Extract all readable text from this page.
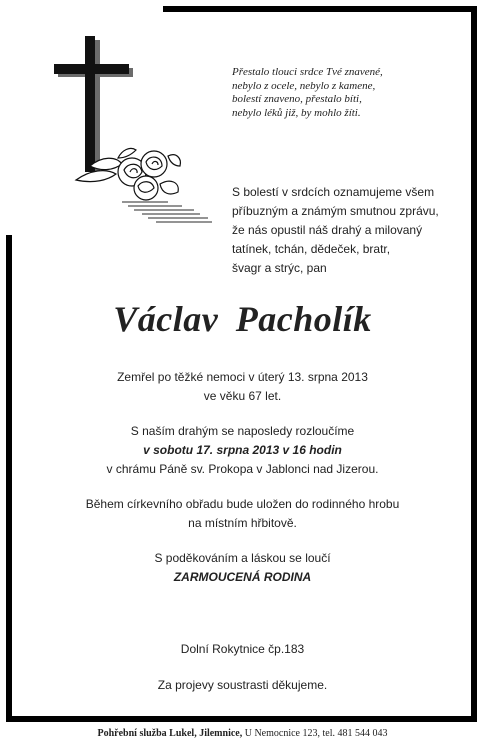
Přestalo tlouci srdce Tvé znavené,
nebylo z ocele, nebylo z kamene,
bolestí znaveno, přestalo bíti,
nebylo léků již, by mohlo žíti.
S bolestí v srdcích oznamujeme všem
příbuzným a známým smutnou zprávu,
že nás opustil náš drahý a milovaný
tatínek, tchán, dědeček, bratr,
švagr a strýc, pan
Václav Pacholík
Zemřel po těžké nemoci v úterý 13. srpna 2013
ve věku 67 let.
S naším drahým se naposledy rozloučíme
v sobotu 17. srpna 2013 v 16 hodin
v chrámu Páně sv. Prokopa v Jablonci nad Jizerou.
Během církevního obřadu bude uložen do rodinného hrobu
na místním hřbitově.
S poděkováním a láskou se loučí
ZARMOUCENÁ RODINA
Dolní Rokytnice čp.183
Za projevy soustrasti děkujeme.
Pohřební služba Lukel, Jilemnice, U Nemocnice 123, tel. 481 544 043
